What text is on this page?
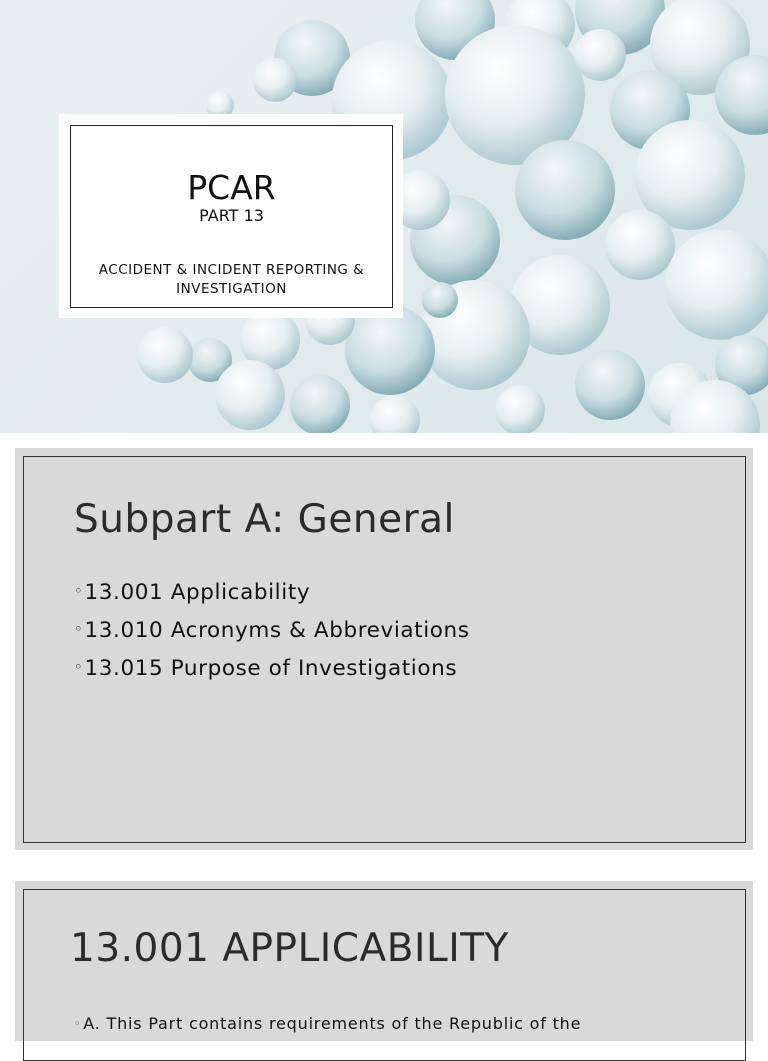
PCAR
PART 13
ACCIDENT & INCIDENT REPORTING & INVESTIGATION
Subpart A: General
◦13.001 Applicability
◦13.010 Acronyms & Abbreviations
◦13.015 Purpose of Investigations
13.001 APPLICABILITY
◦ A. This Part contains requirements of the Republic of the
